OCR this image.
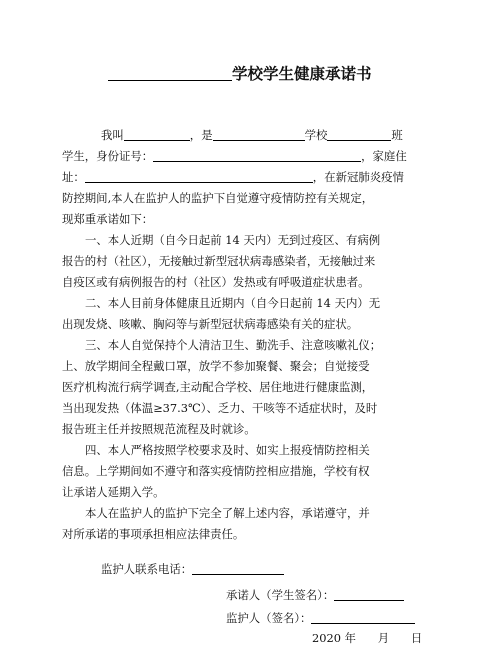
学校学生健康承诺书
我叫	，是	学校	班
学生，身份证号：	，家庭住
址：	，在新冠肺炎疫情
防控期间,本人在监护人的监护下自觉遵守疫情防控有关规定，
现郑重承诺如下：
一、本人近期（自今日起前 14 天内）无到过疫区、有病例
报告的村（社区），无接触过新型冠状病毒感染者，无接触过来
自疫区或有病例报告的村（社区）发热或有呼吸道症状患者。
二、本人目前身体健康且近期内（自今日起前 14 天内）无
出现发烧、咳嗽、胸闷等与新型冠状病毒感染有关的症状。
三、本人自觉保持个人清洁卫生、勤洗手、注意咳嗽礼仪；
上、放学期间全程戴口罩，放学不参加聚餐、聚会；自觉接受
医疗机构流行病学调查,主动配合学校、居住地进行健康监测，
当出现发热（体温≥37.3℃）、乏力、干咳等不适症状时，及时
报告班主任并按照规范流程及时就诊。
四、本人严格按照学校要求及时、如实上报疫情防控相关
信息。上学期间如不遵守和落实疫情防控相应措施，学校有权
让承诺人延期入学。
本人在监护人的监护下完全了解上述内容，承诺遵守，并
对所承诺的事项承担相应法律责任。
监护人联系电话：
承诺人（学生签名）：
监护人（签名）：
2020 年      月      日
